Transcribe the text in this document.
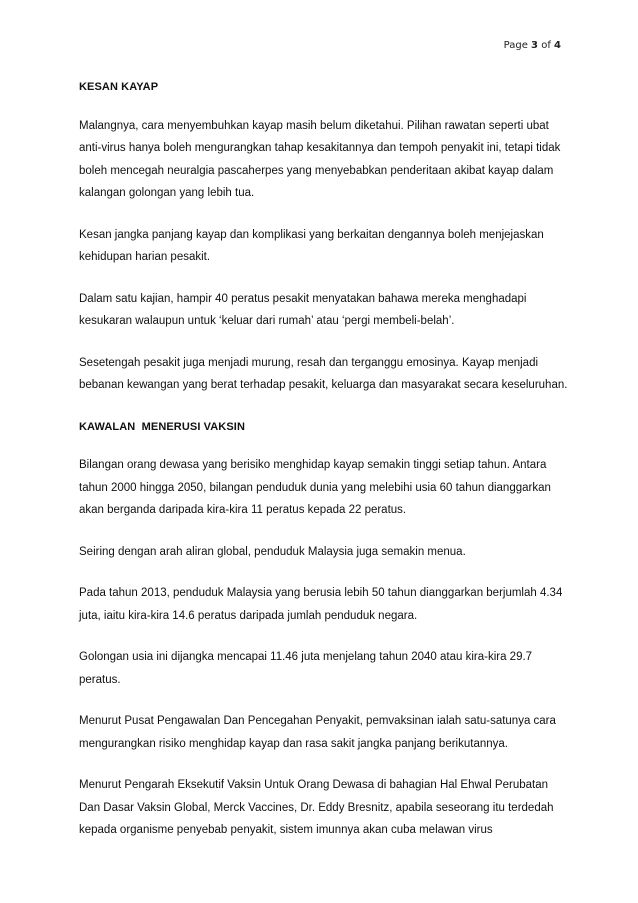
Page 3 of 4
KESAN KAYAP

Malangnya, cara menyembuhkan kayap masih belum diketahui. Pilihan rawatan seperti ubat anti-virus hanya boleh mengurangkan tahap kesakitannya dan tempoh penyakit ini, tetapi tidak boleh mencegah neuralgia pascaherpes yang menyebabkan penderitaan akibat kayap dalam kalangan golongan yang lebih tua.

Kesan jangka panjang kayap dan komplikasi yang berkaitan dengannya boleh menjejaskan kehidupan harian pesakit.

Dalam satu kajian, hampir 40 peratus pesakit menyatakan bahawa mereka menghadapi kesukaran walaupun untuk ‘keluar dari rumah’ atau ‘pergi membeli-belah’.

Sesetengah pesakit juga menjadi murung, resah dan terganggu emosinya. Kayap menjadi bebanan kewangan yang berat terhadap pesakit, keluarga dan masyarakat secara keseluruhan.

KAWALAN  MENERUSI VAKSIN

Bilangan orang dewasa yang berisiko menghidap kayap semakin tinggi setiap tahun. Antara tahun 2000 hingga 2050, bilangan penduduk dunia yang melebihi usia 60 tahun dianggarkan akan berganda daripada kira-kira 11 peratus kepada 22 peratus.

Seiring dengan arah aliran global, penduduk Malaysia juga semakin menua.

Pada tahun 2013, penduduk Malaysia yang berusia lebih 50 tahun dianggarkan berjumlah 4.34 juta, iaitu kira-kira 14.6 peratus daripada jumlah penduduk negara.

Golongan usia ini dijangka mencapai 11.46 juta menjelang tahun 2040 atau kira-kira 29.7 peratus.

Menurut Pusat Pengawalan Dan Pencegahan Penyakit, pemvaksinan ialah satu-satunya cara mengurangkan risiko menghidap kayap dan rasa sakit jangka panjang berikutannya.

Menurut Pengarah Eksekutif Vaksin Untuk Orang Dewasa di bahagian Hal Ehwal Perubatan Dan Dasar Vaksin Global, Merck Vaccines, Dr. Eddy Bresnitz, apabila seseorang itu terdedah kepada organisme penyebab penyakit, sistem imunnya akan cuba melawan virus
